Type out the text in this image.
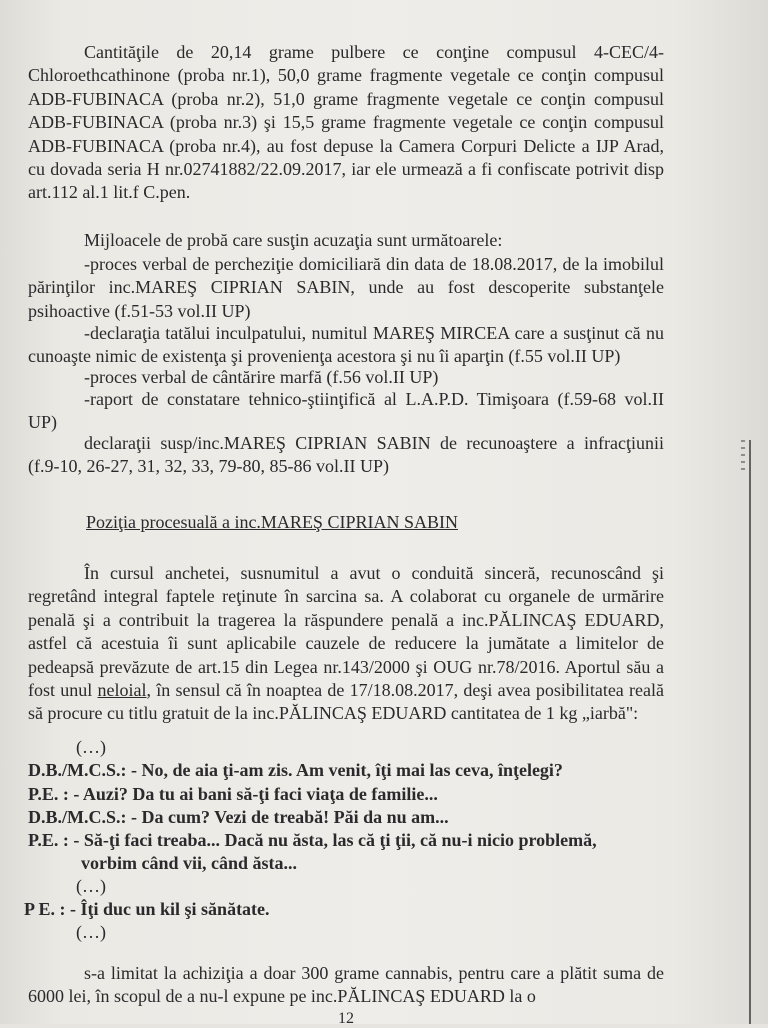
Cantităţile de 20,14 grame pulbere ce conţine compusul 4-CEC/4-Chloroethcathinone (proba nr.1), 50,0 grame fragmente vegetale ce conţin compusul ADB-FUBINACA (proba nr.2), 51,0 grame fragmente vegetale ce conţin compusul ADB-FUBINACA (proba nr.3) şi 15,5 grame fragmente vegetale ce conţin compusul ADB-FUBINACA (proba nr.4), au fost depuse la Camera Corpuri Delicte a IJP Arad, cu dovada seria H nr.02741882/22.09.2017, iar ele urmează a fi confiscate potrivit disp art.112 al.1 lit.f C.pen.

Mijloacele de probă care susţin acuzaţia sunt următoarele:

-proces verbal de percheziţie domiciliară din data de 18.08.2017, de la imobilul părinţilor inc.MAREŞ CIPRIAN SABIN, unde au fost descoperite substanţele psihoactive (f.51-53 vol.II UP)

-declaraţia tatălui inculpatului, numitul MAREŞ MIRCEA care a susţinut că nu cunoaşte nimic de existenţa şi provenienţa acestora şi nu îi aparţin (f.55 vol.II UP)

-proces verbal de cântărire marfă (f.56 vol.II UP)

-raport de constatare tehnico-ştiinţifică al L.A.P.D. Timişoara (f.59-68 vol.II UP)

declaraţii susp/inc.MAREŞ CIPRIAN SABIN de recunoaştere a infracţiunii (f.9-10, 26-27, 31, 32, 33, 79-80, 85-86 vol.II UP)

Poziţia procesuală a inc.MAREŞ CIPRIAN SABIN

În cursul anchetei, susnumitul a avut o conduită sinceră, recunoscând şi regretând integral faptele reţinute în sarcina sa. A colaborat cu organele de urmărire penală şi a contribuit la tragerea la răspundere penală a inc.PĂLINCAŞ EDUARD, astfel că acestuia îi sunt aplicabile cauzele de reducere la jumătate a limitelor de pedeapsă prevăzute de art.15 din Legea nr.143/2000 şi OUG nr.78/2016. Aportul său a fost unul neloial, în sensul că în noaptea de 17/18.08.2017, deşi avea posibilitatea reală să procure cu titlu gratuit de la inc.PĂLINCAŞ EDUARD cantitatea de 1 kg „iarbă":

(…)

D.B./M.C.S.: - No, de aia ţi-am zis. Am venit, îţi mai las ceva, înţelegi?

P.E. : - Auzi? Da tu ai bani să-ţi faci viaţa de familie...

D.B./M.C.S.: - Da cum? Vezi de treabă! Păi da nu am...

P.E. : - Să-ţi faci treaba... Dacă nu ăsta, las că ţi ţii, că nu-i nicio problemă,

vorbim când vii, când ăsta...

(…)

P E. : - Îţi duc un kil şi sănătate.

(…)

s-a limitat la achiziţia a doar 300 grame cannabis, pentru care a plătit suma de 6000 lei, în scopul de a nu-l expune pe inc.PĂLINCAŞ EDUARD la o

12
